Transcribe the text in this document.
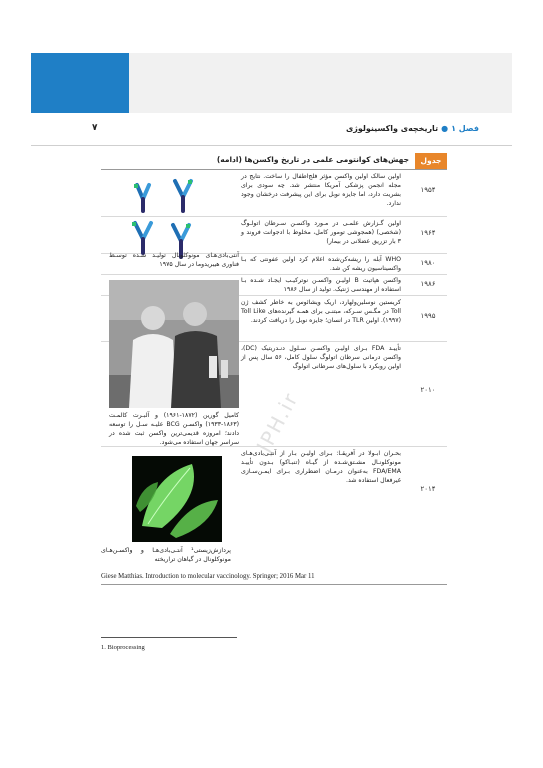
فصل ۱●تاریخچه‌ی واکسینولوژی
۷
JPH.ir
جدول ۱-۱
جهش‌های کوانتومی علمی در تاریخ واکسن‌ها (ادامه)
۱۹۵۴
اولین سالک اولین واکسن مؤثر فلج‌اطفال را ساخت. نتایج در مجله انجمن پزشکی آمریکا منتشر شد. چه سودی برای بشریت دارد، اما جایزه نوبل برای این پیشرفت درخشان وجود ندارد.
۱۹۶۴
اولین گـزارش علمـی در مـورد واکسـن سـرطان اتولـوگ (شخصی) (همجوشی تومور کامل، مخلوط با ادجوانت فروند و ۳ بار تزریق عضلانی در بیمار)
۱۹۸۰
WHO آبله را ریشه‌کن‌شده اعلام کرد اولین عفونتی که بـا واکسیناسیون ریشه کن شد.
۱۹۸۶
واکسن هپاتیت B اولیـن واکسـن نوترکیـب ایجـاد شـده بـا استفاده از مهندسی ژنتیک. تولید از سال ۱۹۸۶
۱۹۹۵
کریستین نوسلین‌ولهارد، اریک ویشائوس به خاطر کشف ژن Toll در مگـس سـرکه، مبتنـی برای همـه گیرنده‌های Toll Like (۱۹۹۷). اولین TLR در انسان؛ جایزه نوبل را دریافت کردند.
۲۰۱۰
تأییـد FDA بـرای اولیـن واکسـن سـلول دنـدریتیک (DC)، واکسن درمانی سرطان اتولوگ سلول کامل، ۵۶ سال پس از اولین روبکرد با سلول‌های سرطانی اتولوگ
۲۰۱۴
بحـران ابـولا در آفریقـا: بـرای اولیـن بـار از آنتـی‌بادی‌هـای مونوکلونـال مشـتق‌شـده از گیـاه (تنبـاکو) بـدون تأییـد FDA/EMA به‌عنوان درمـان اضطراری بـرای ایمـن‌سـازی غیرفعال استفاده شد.
آنتی‌بادی‌هـای مونوکلونال تولیـد شـده توسـط فناوری هیبریدوما در سال ۱۹۷۵
کامیل گورین (۱۸۷۲-۱۹۶۱) و آلبـرت کالمـت (۱۸۶۳-۱۹۳۳) واکسـن BCG علیـه سـل را توسعه دادند؛ امروزه قدیمی‌ترین واکسن ثبت شده در سراسر جهان استفاده می‌شود.
پردازش‌زیستی¹ آنتـی‌بادی‌هـا و واکسـن‌هـای مونوکلونال در گیاهان تراریخته
Giese Matthias. Introduction to molecular vaccinology. Springer; 2016 Mar 11
1. Bioprocessing
